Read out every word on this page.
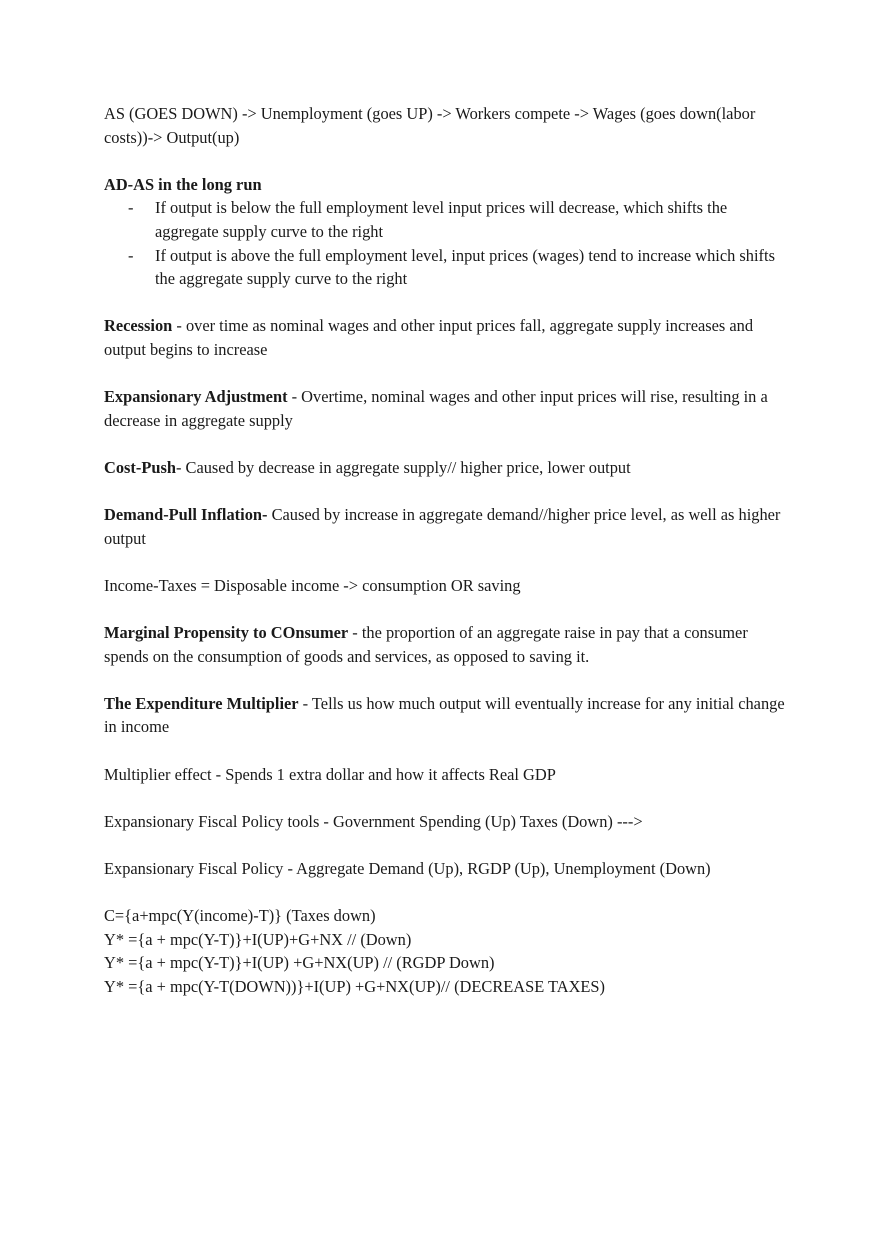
AS (GOES DOWN) -> Unemployment (goes UP) -> Workers compete -> Wages (goes down(labor costs))-> Output(up)

AD-AS in the long run

- If output is below the full employment level input prices will decrease, which shifts the aggregate supply curve to the right
- If output is above the full employment level, input prices (wages) tend to increase which shifts the aggregate supply curve to the right

Recession - over time as nominal wages and other input prices fall, aggregate supply increases and output begins to increase

Expansionary Adjustment - Overtime, nominal wages and other input prices will rise, resulting in a decrease in aggregate supply

Cost-Push- Caused by decrease in aggregate supply// higher price, lower output

Demand-Pull Inflation- Caused by increase in aggregate demand//higher price level, as well as higher output

Income-Taxes = Disposable income -> consumption OR saving

Marginal Propensity to COnsumer - the proportion of an aggregate raise in pay that a consumer spends on the consumption of goods and services, as opposed to saving it.

The Expenditure Multiplier - Tells us how much output will eventually increase for any initial change in income

Multiplier effect - Spends 1 extra dollar and how it affects Real GDP

Expansionary Fiscal Policy tools - Government Spending (Up) Taxes (Down) --->

Expansionary Fiscal Policy - Aggregate Demand (Up), RGDP (Up), Unemployment (Down)

C={a+mpc(Y(income)-T)} (Taxes down)

Y* ={a + mpc(Y-T)}+I(UP)+G+NX // (Down)

Y* ={a + mpc(Y-T)}+I(UP) +G+NX(UP) // (RGDP Down)

Y* ={a + mpc(Y-T(DOWN))}+I(UP) +G+NX(UP)// (DECREASE TAXES)
